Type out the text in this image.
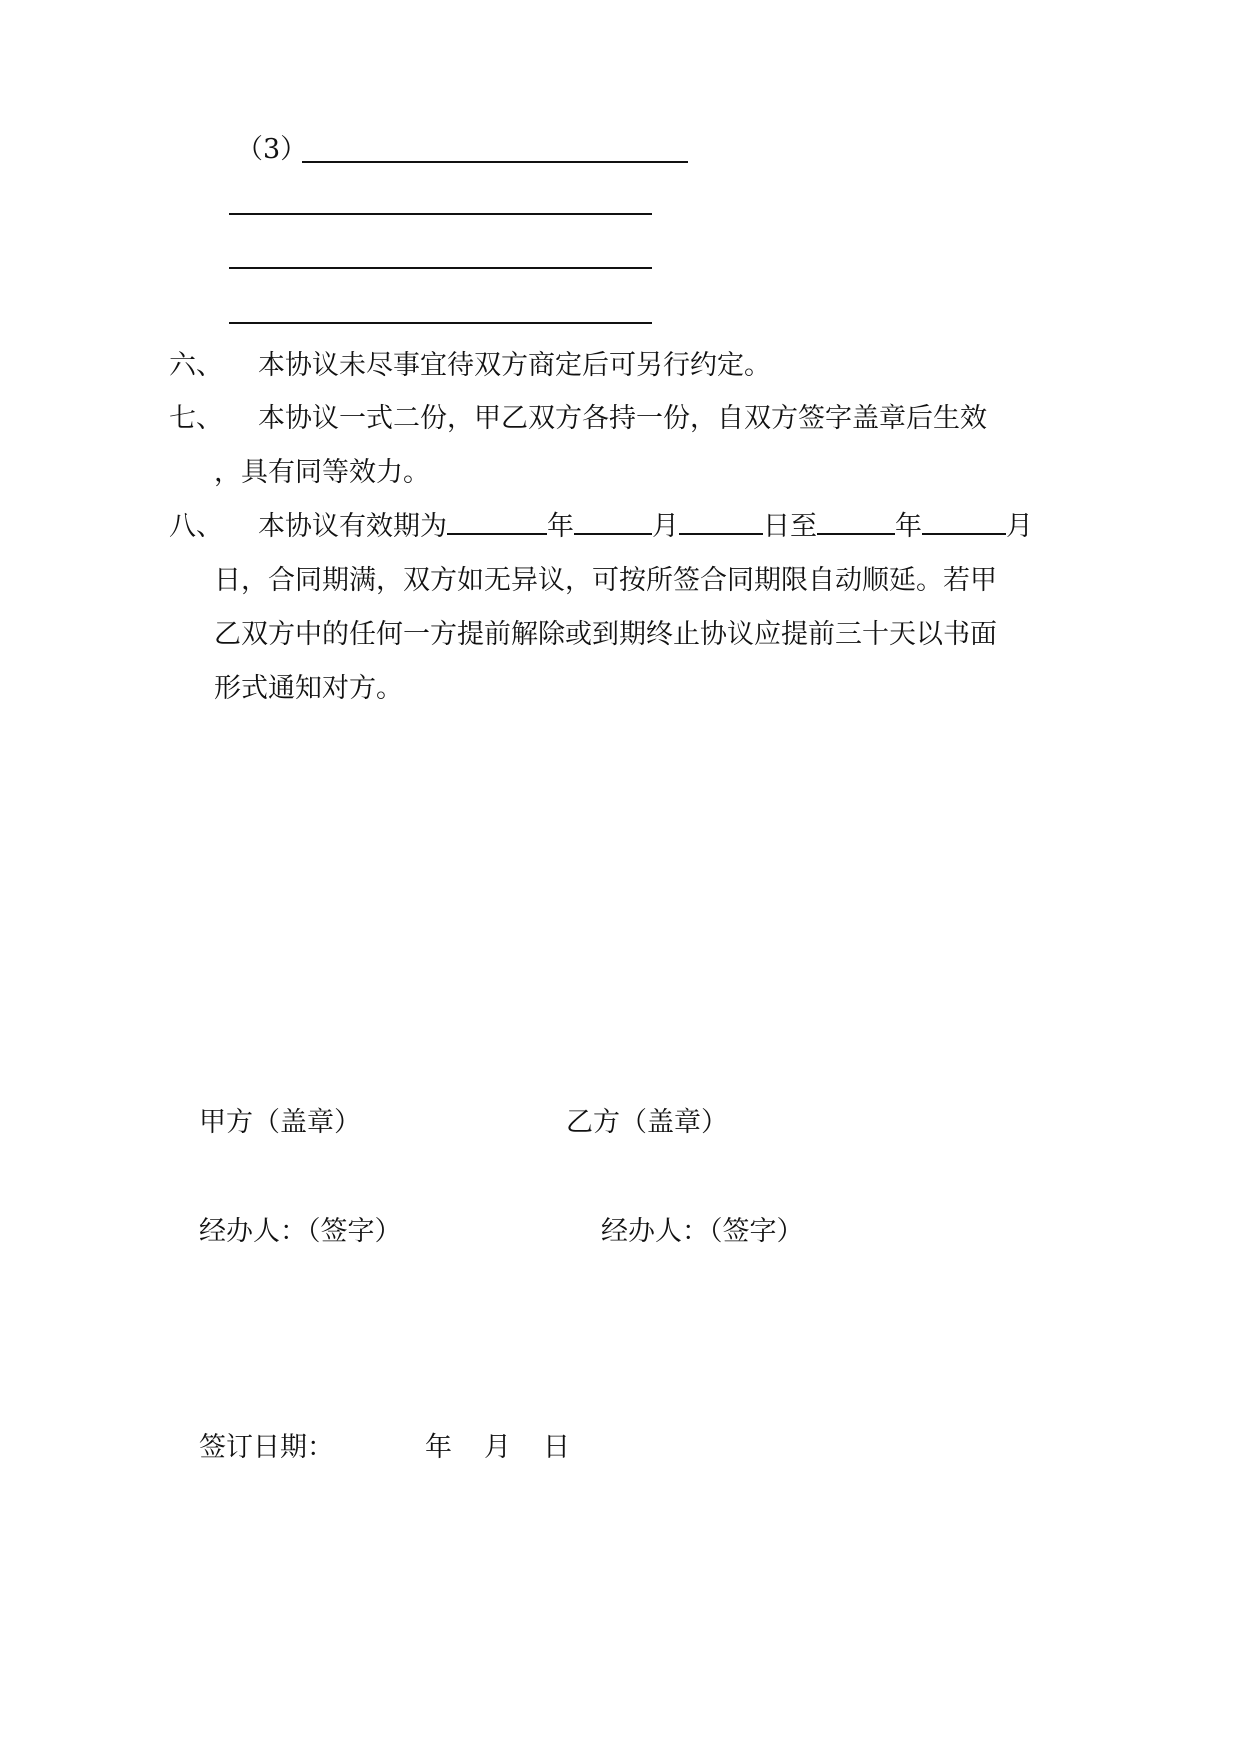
（3）
六、 本协议未尽事宜待双方商定后可另行约定。
七、 本协议一式二份，甲乙双方各持一份，自双方签字盖章后生效
，具有同等效力。
八、 本协议有效期为	年	月	日至	年	月
日，合同期满，双方如无异议，可按所签合同期限自动顺延。若甲
乙双方中的任何一方提前解除或到期终止协议应提前三十天以书面
形式通知对方。
甲方（盖章）	乙方（盖章）
经办人：（签字）	经办人：（签字）
签订日期：	年 月 日
